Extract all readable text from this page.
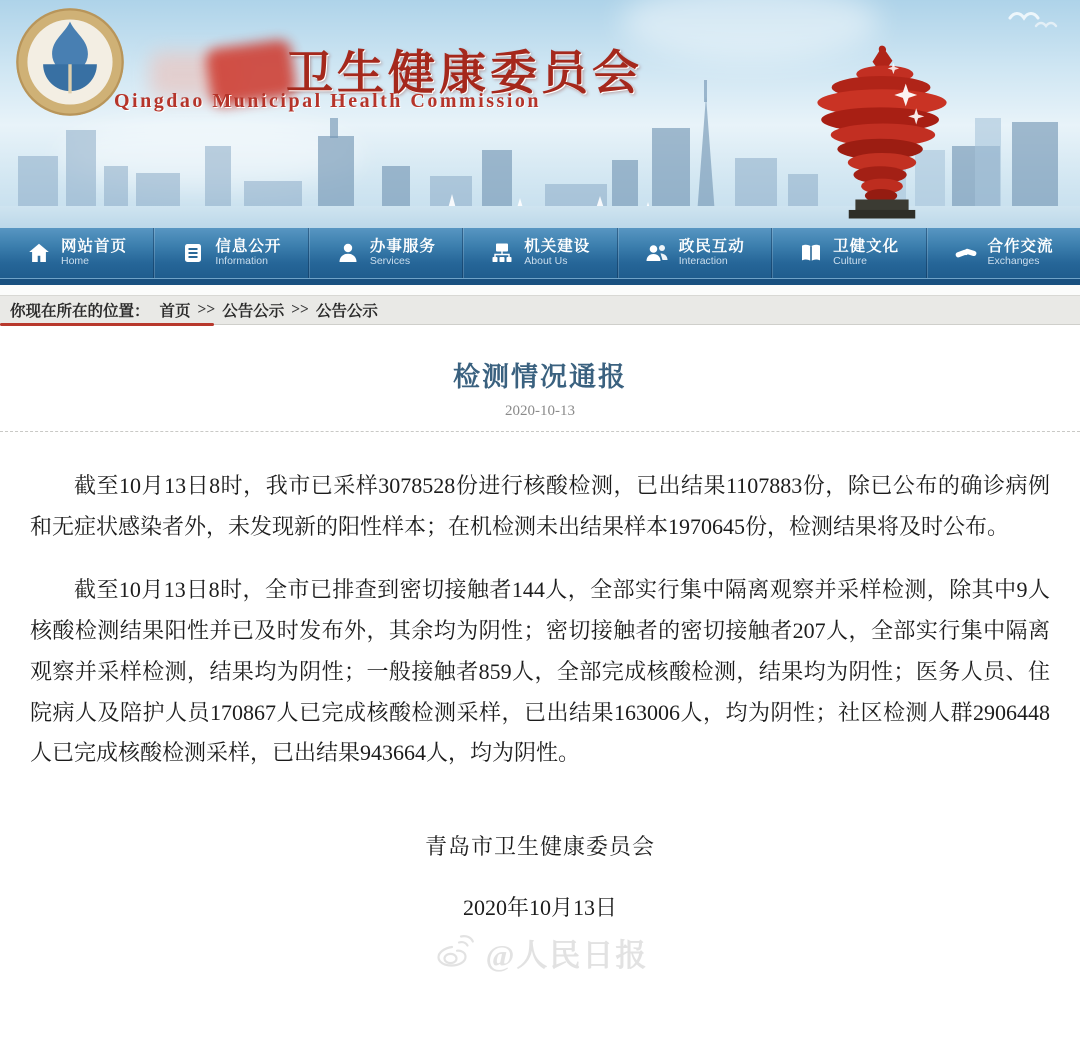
卫生健康委员会
Qingdao Municipal Health Commission
网站首页
Home
信息公开
Information
办事服务
Services
机关建设
About Us
政民互动
Interaction
卫健文化
Culture
合作交流
Exchanges
你现在所在的位置： 首页 >> 公告公示 >> 公告公示
检测情况通报
2020-10-13

截至10月13日8时，我市已采样3078528份进行核酸检测，已出结果1107883份，除已公布的确诊病例和无症状感染者外，未发现新的阳性样本；在机检测未出结果样本1970645份，检测结果将及时公布。

截至10月13日8时，全市已排查到密切接触者144人，全部实行集中隔离观察并采样检测，除其中9人核酸检测结果阳性并已及时发布外，其余均为阴性；密切接触者的密切接触者207人，全部实行集中隔离观察并采样检测，结果均为阴性；一般接触者859人，全部完成核酸检测，结果均为阴性；医务人员、住院病人及陪护人员170867人已完成核酸检测采样，已出结果163006人，均为阴性；社区检测人群2906448人已完成核酸检测采样，已出结果943664人，均为阴性。

青岛市卫生健康委员会
2020年10月13日
@人民日报
